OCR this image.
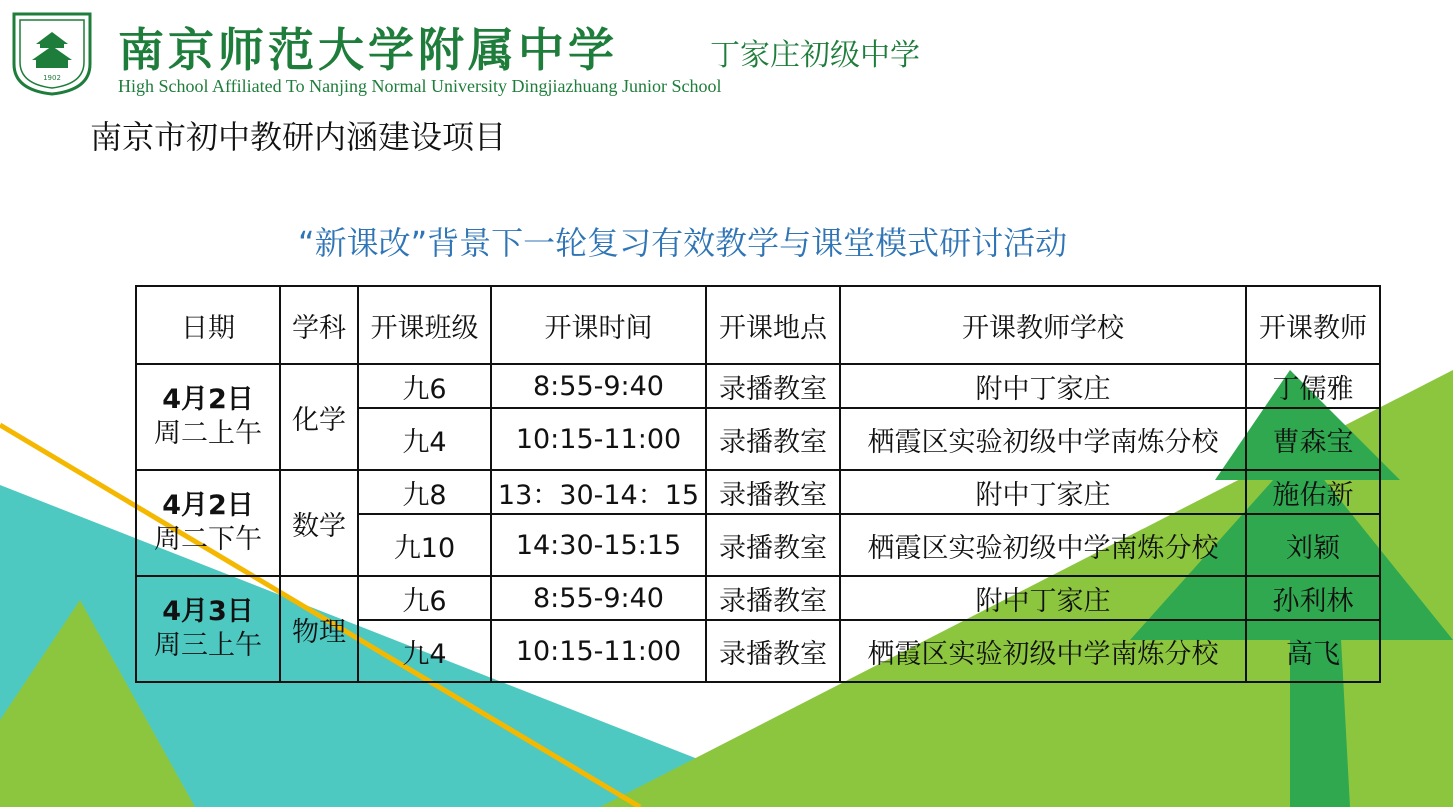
1902
南京师范大学附属中学	丁家庄初级中学
High School Affiliated To Nanjing Normal University Dingjiazhuang Junior School
南京市初中教研内涵建设项目
“新课改”背景下一轮复习有效教学与课堂模式研讨活动
日期	学科	开课班级	开课时间	开课地点	开课教师学校	开课教师

4月2日
周二上午	化学	九6	8:55-9:40	录播教室	附中丁家庄	丁儒雅
		九4	10:15-11:00	录播教室	栖霞区实验初级中学南炼分校	曹森宝

4月2日
周二下午	数学	九8	13：30-14：15	录播教室	附中丁家庄	施佑新
		九10	14:30-15:15	录播教室	栖霞区实验初级中学南炼分校	刘颖

4月3日
周三上午	物理	九6	8:55-9:40	录播教室	附中丁家庄	孙利林
		九4	10:15-11:00	录播教室	栖霞区实验初级中学南炼分校	高飞
